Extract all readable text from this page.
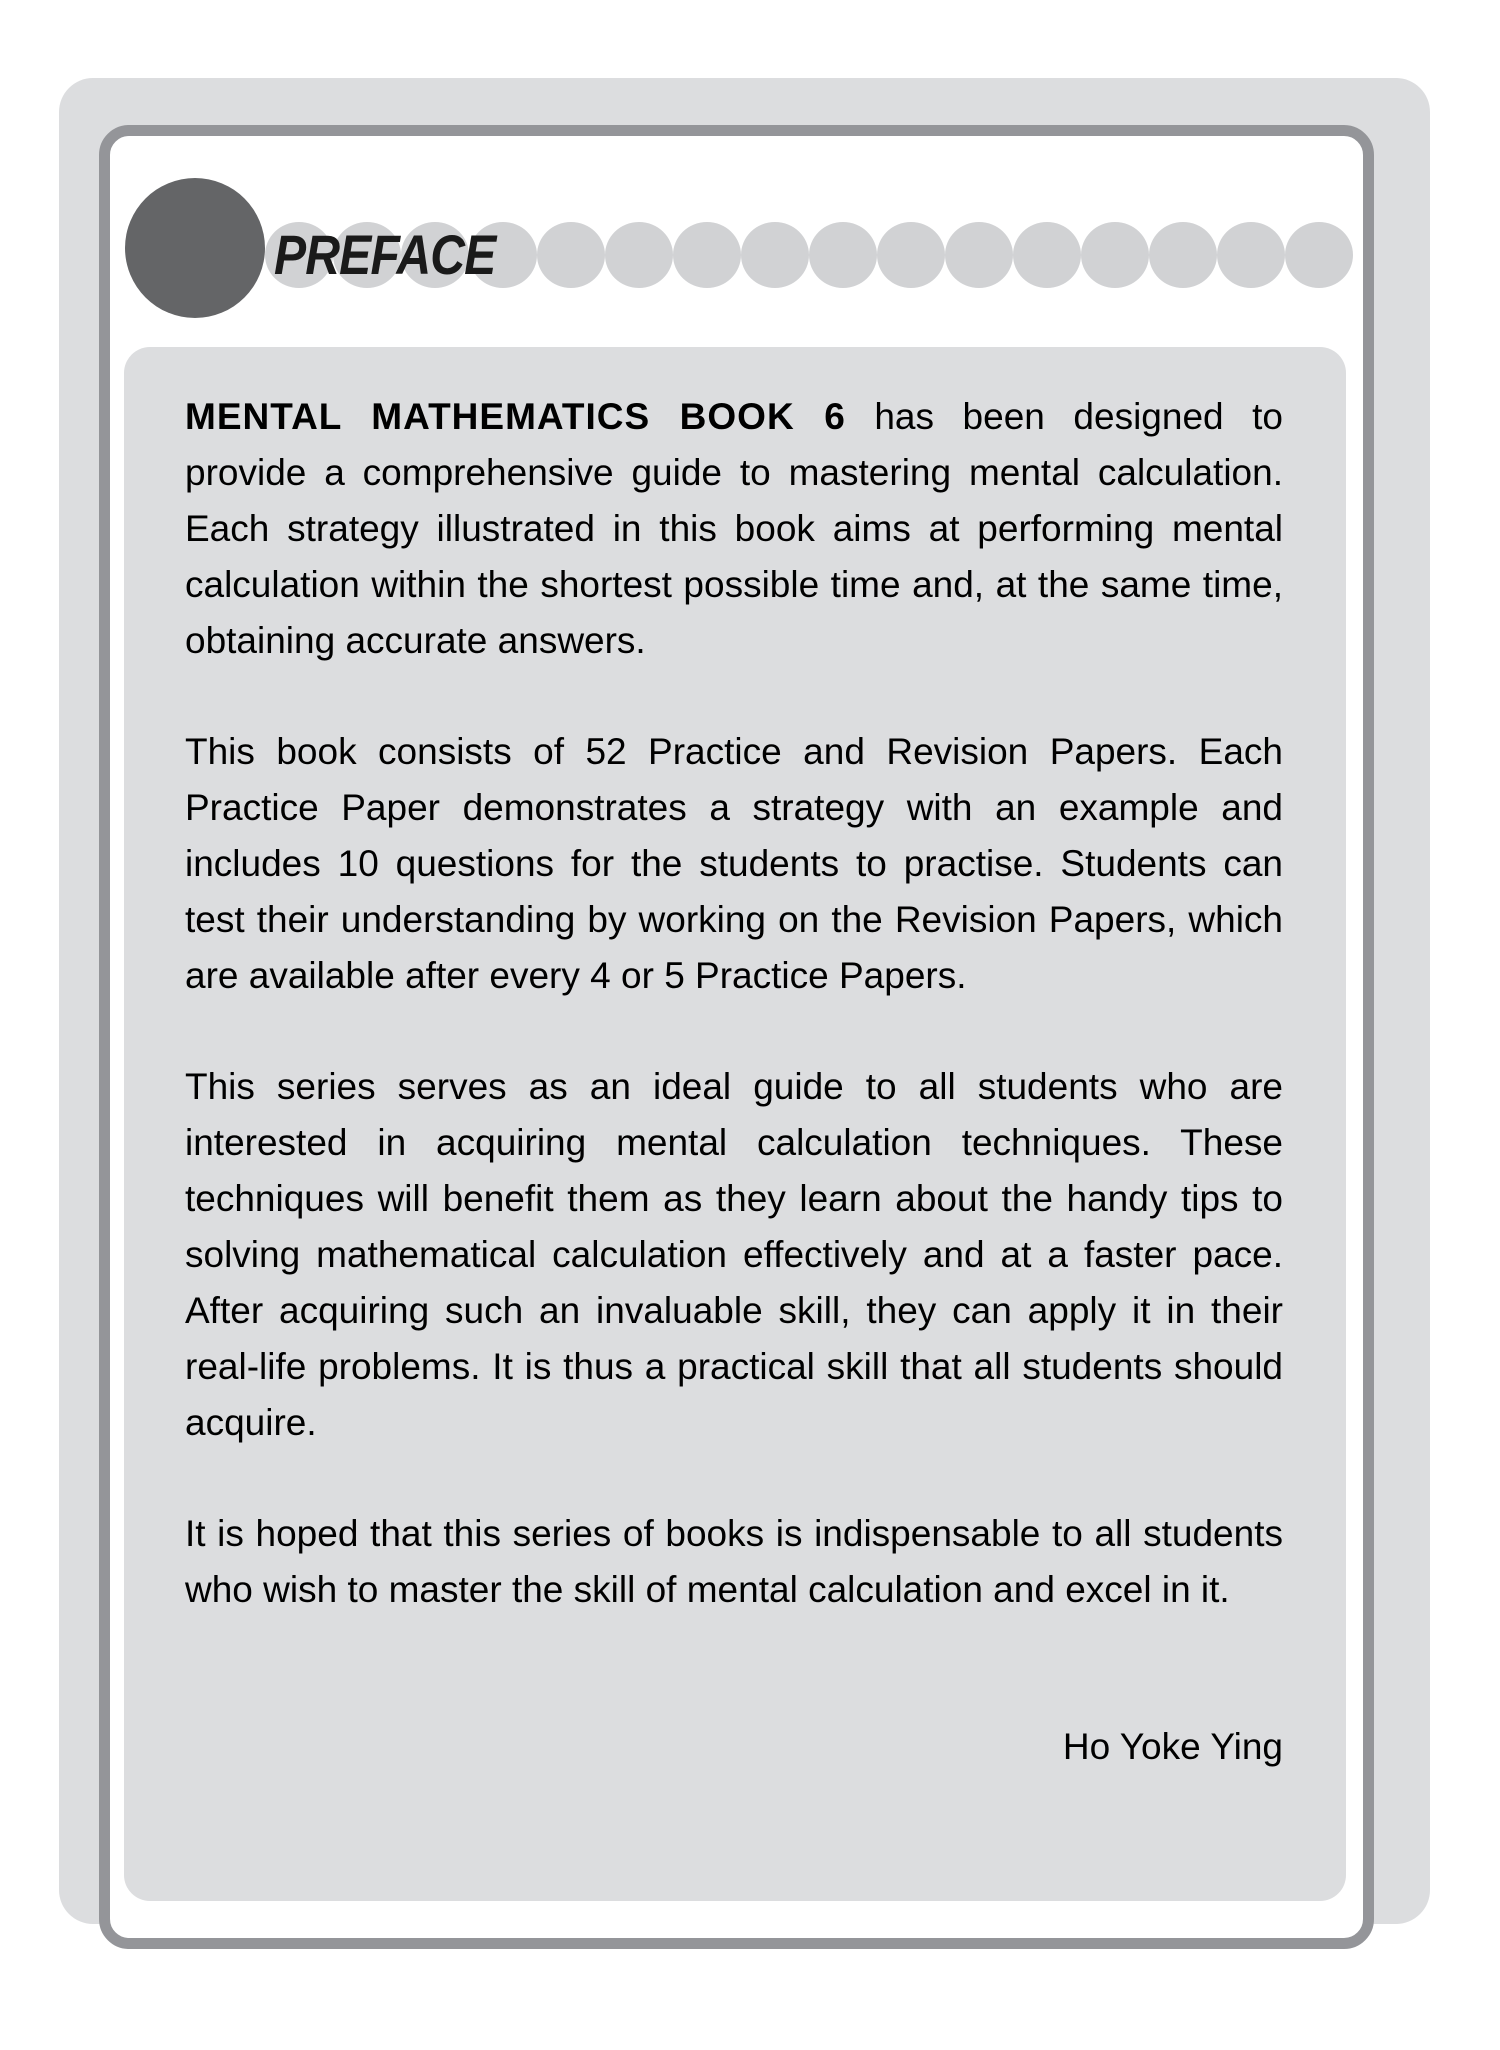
PREFACE

MENTAL MATHEMATICS BOOK 6 has been designed to provide a comprehensive guide to mastering mental calculation. Each strategy illustrated in this book aims at performing mental calculation within the shortest possible time and, at the same time, obtaining accurate answers.

This book consists of 52 Practice and Revision Papers. Each Practice Paper demonstrates a strategy with an example and includes 10 questions for the students to practise. Students can test their understanding by working on the Revision Papers, which are available after every 4 or 5 Practice Papers.

This series serves as an ideal guide to all students who are interested in acquiring mental calculation techniques. These techniques will benefit them as they learn about the handy tips to solving mathematical calculation effectively and at a faster pace. After acquiring such an invaluable skill, they can apply it in their real-life problems. It is thus a practical skill that all students should acquire.

It is hoped that this series of books is indispensable to all students who wish to master the skill of mental calculation and excel in it.

Ho Yoke Ying
